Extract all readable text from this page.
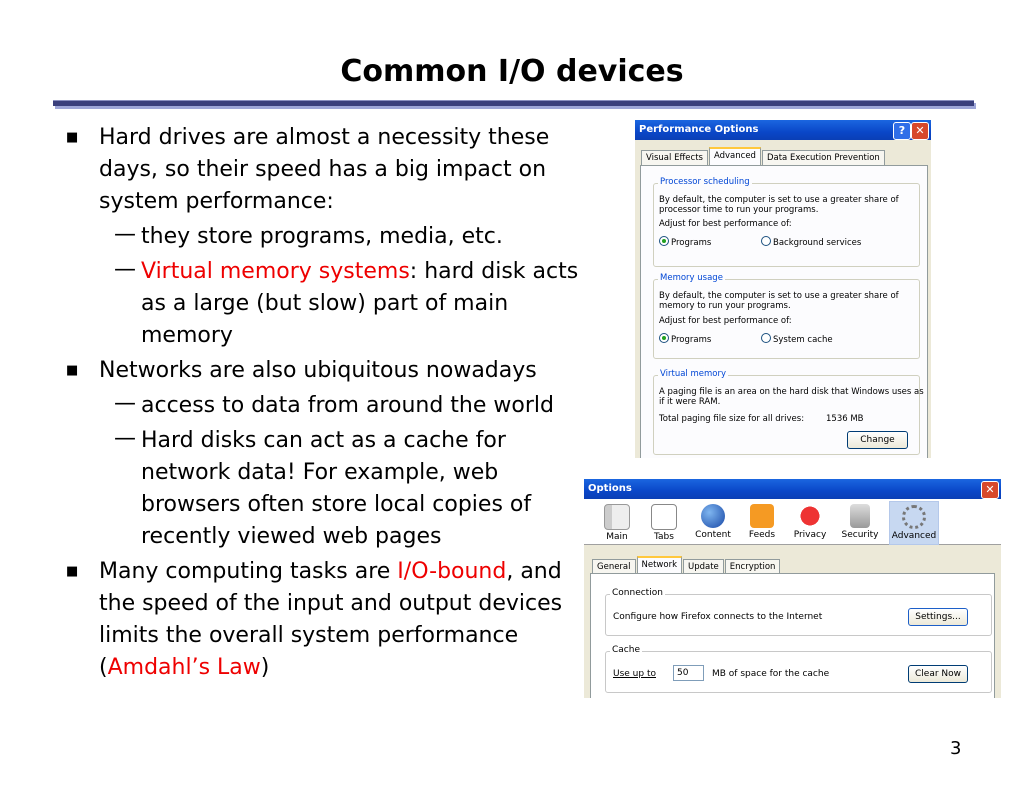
Common I/O devices
■ Hard drives are almost a necessity these days, so their speed has a big impact on system performance:
— they store programs, media, etc.
— Virtual memory systems: hard disk acts as a large (but slow) part of main memory
■ Networks are also ubiquitous nowadays
— access to data from around the world
— Hard disks can act as a cache for network data! For example, web browsers often store local copies of recently viewed web pages
■ Many computing tasks are I/O-bound, and the speed of the input and output devices limits the overall system performance (Amdahl’s Law)
Performance Options	? ✕
Visual Effects	Advanced	Data Execution Prevention
Processor scheduling
By default, the computer is set to use a greater share of
processor time to run your programs.
Adjust for best performance of:
Programs	Background services
Memory usage
By default, the computer is set to use a greater share of
memory to run your programs.
Adjust for best performance of:
Programs	System cache
Virtual memory
A paging file is an area on the hard disk that Windows uses as
if it were RAM.
Total paging file size for all drives:	1536 MB
Change
Options	✕
Main	Tabs	Content	Feeds	Privacy	Security	Advanced
General	Network	Update	Encryption
Connection
Configure how Firefox connects to the Internet	Settings...
Cache
Use up to	50	MB of space for the cache	Clear Now
3
